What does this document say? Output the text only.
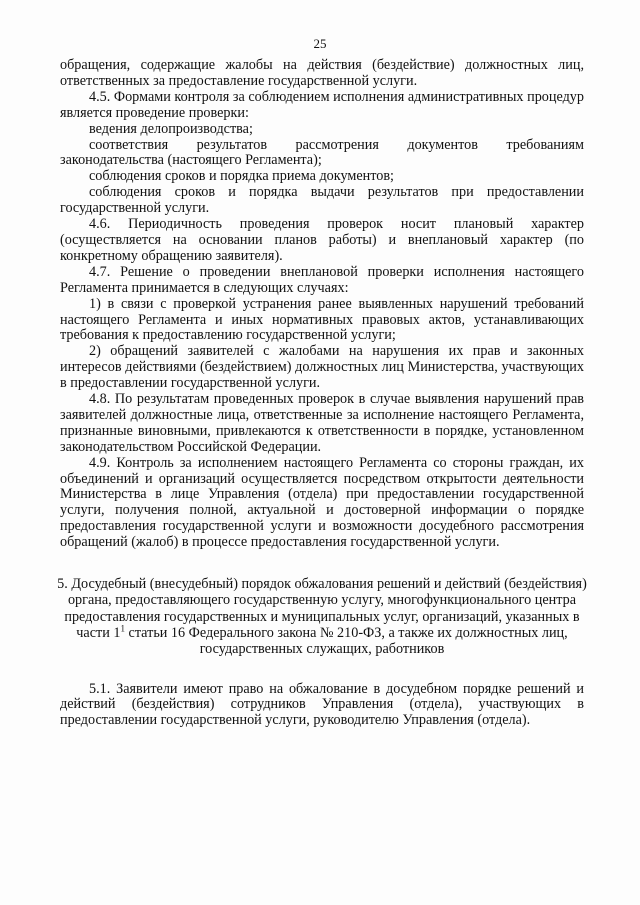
25

обращения, содержащие жалобы на действия (бездействие) должностных лиц, ответственных за предоставление государственной услуги.

4.5. Формами контроля за соблюдением исполнения административных процедур является проведение проверки:

ведения делопроизводства;

соответствия результатов рассмотрения документов требованиям законодательства (настоящего Регламента);

соблюдения сроков и порядка приема документов;

соблюдения сроков и порядка выдачи результатов при предоставлении государственной услуги.

4.6. Периодичность проведения проверок носит плановый характер (осуществляется на основании планов работы) и внеплановый характер (по конкретному обращению заявителя).

4.7. Решение о проведении внеплановой проверки исполнения настоящего Регламента принимается в следующих случаях:

1) в связи с проверкой устранения ранее выявленных нарушений требований настоящего Регламента и иных нормативных правовых актов, устанавливающих требования к предоставлению государственной услуги;

2) обращений заявителей с жалобами на нарушения их прав и законных интересов действиями (бездействием) должностных лиц Министерства, участвующих в предоставлении государственной услуги.

4.8. По результатам проведенных проверок в случае выявления нарушений прав заявителей должностные лица, ответственные за исполнение настоящего Регламента, признанные виновными, привлекаются к ответственности в порядке, установленном законодательством Российской Федерации.

4.9. Контроль за исполнением настоящего Регламента со стороны граждан, их объединений и организаций осуществляется посредством открытости деятельности Министерства в лице Управления (отдела) при предоставлении государственной услуги, получения полной, актуальной и достоверной информации о порядке предоставления государственной услуги и возможности досудебного рассмотрения обращений (жалоб) в процессе предоставления государственной услуги.

5. Досудебный (внесудебный) порядок обжалования решений и действий (бездействия) органа, предоставляющего государственную услугу, многофункционального центра предоставления государственных и муниципальных услуг, организаций, указанных в части $1^1$ статьи 16 Федерального закона № 210-ФЗ, а также их должностных лиц, государственных служащих, работников

5.1. Заявители имеют право на обжалование в досудебном порядке решений и действий (бездействия) сотрудников Управления (отдела), участвующих в предоставлении государственной услуги, руководителю Управления (отдела).
